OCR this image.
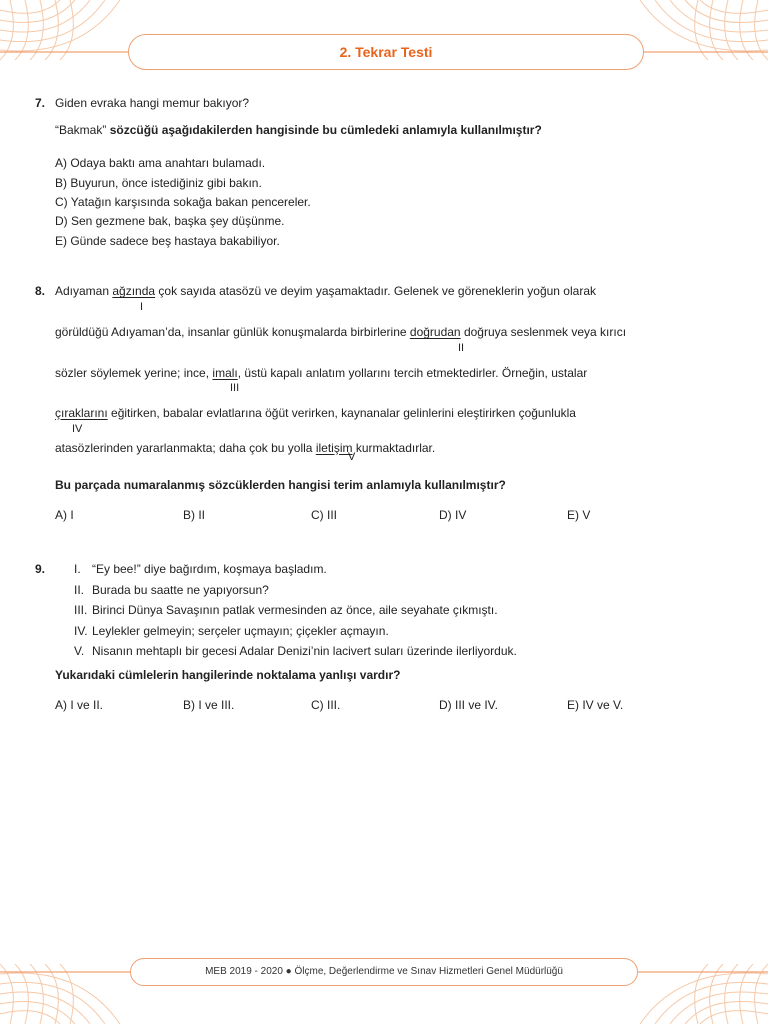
2. Tekrar Testi
7. Giden evraka hangi memur bakıyor?
“Bakmak” sözcüğü aşağıdakilerden hangisinde bu cümledeki anlamıyla kullanılmıştır?
A) Odaya baktı ama anahtarı bulamadı.
B) Buyurun, önce istediğiniz gibi bakın.
C) Yatağın karşısında sokağa bakan pencereler.
D) Sen gezmene bak, başka şey düşünme.
E) Günde sadece beş hastaya bakabiliyor.
8. Adıyaman ağzında çok sayıda atasözü ve deyim yaşamaktadır. Gelenek ve göreneklerin yoğun olarak
I
görüldüğü Adıyaman’da, insanlar günlük konuşmalarda birbirlerine doğrudan doğruya seslenmek veya kırıcı
II
sözler söylemek yerine; ince, imalı, üstü kapalı anlatım yollarını tercih etmektedirler. Örneğin, ustalar
III
çıraklarını eğitirken, babalar evlatlarına öğüt verirken, kaynanalar gelinlerini eleştirirken çoğunlukla
IV
atasözlerinden yararlanmakta; daha çok bu yolla iletişim kurmaktadırlar.
V
Bu parçada numaralanmış sözcüklerden hangisi terim anlamıyla kullanılmıştır?
A) I	B) II	C) III	D) IV	E) V
9. I. “Ey bee!” diye bağırdım, koşmaya başladım.
II. Burada bu saatte ne yapıyorsun?
III. Birinci Dünya Savaşının patlak vermesinden az önce, aile seyahate çıkmıştı.
IV. Leylekler gelmeyin; serçeler uçmayın; çiçekler açmayın.
V. Nisanın mehtaplı bir gecesi Adalar Denizi’nin lacivert suları üzerinde ilerliyorduk.
Yukarıdaki cümlelerin hangilerinde noktalama yanlışı vardır?
A) I ve II.	B) I ve III.	C) III.	D) III ve IV.	E) IV ve V.
MEB 2019 - 2020 ● Ölçme, Değerlendirme ve Sınav Hizmetleri Genel Müdürlüğü
